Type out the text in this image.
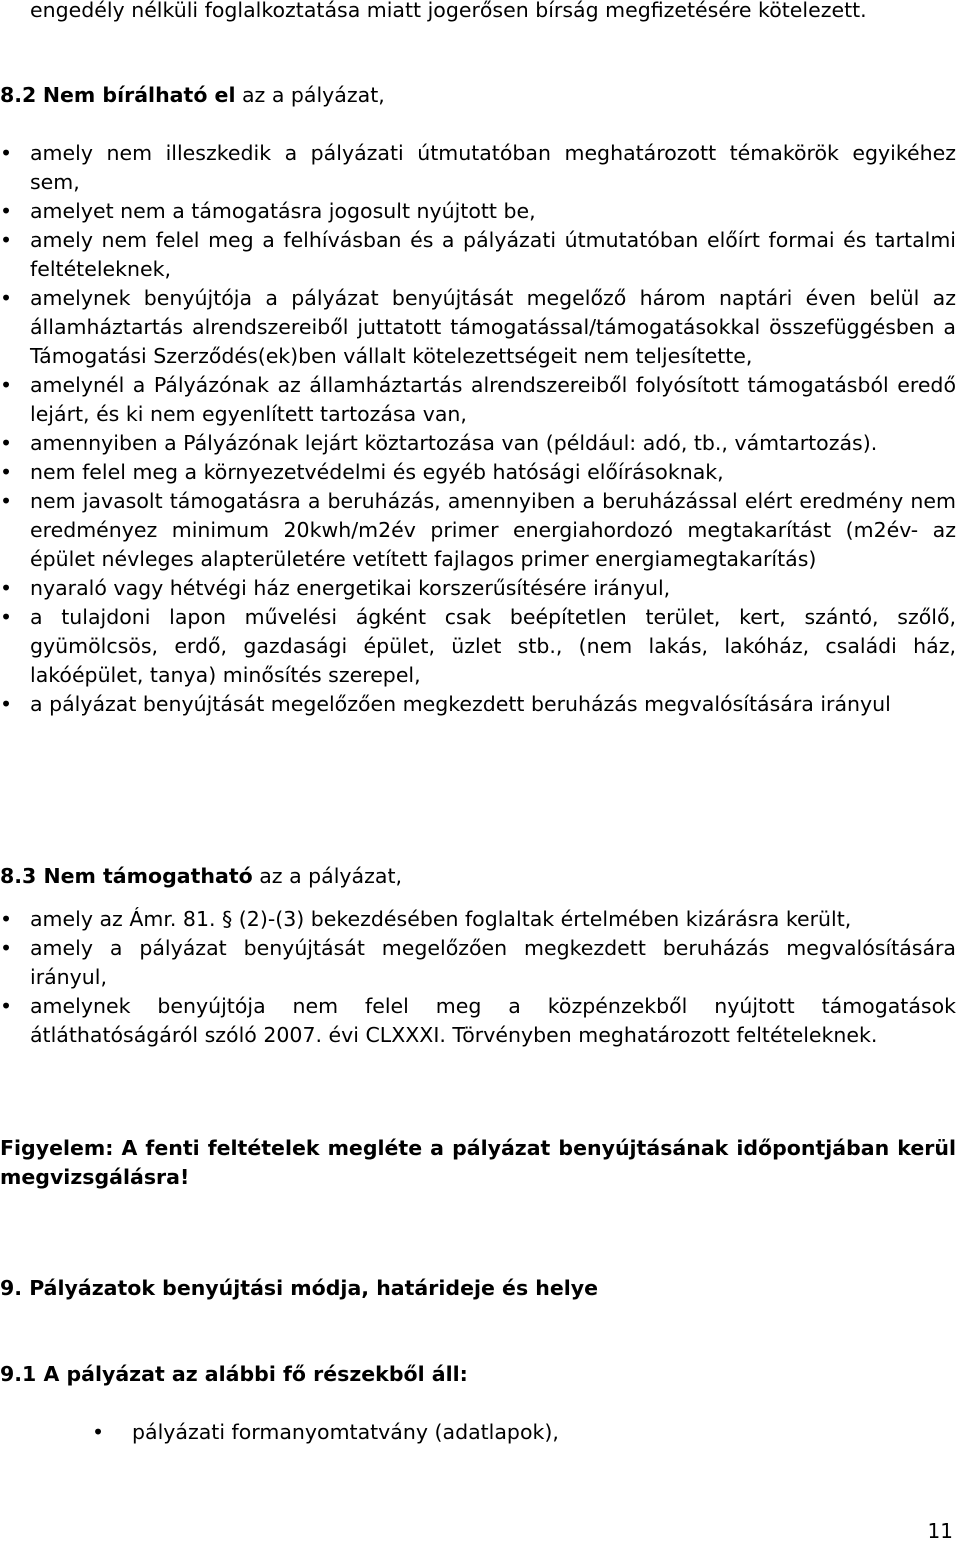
engedély nélküli foglalkoztatása miatt jogerősen bírság megfizetésére kötelezett.

8.2 Nem bírálható el az a pályázat,

• amely nem illeszkedik a pályázati útmutatóban meghatározott témakörök egyikéhez sem,
• amelyet nem a támogatásra jogosult nyújtott be,
• amely nem felel meg a felhívásban és a pályázati útmutatóban előírt formai és tartalmi feltételeknek,
• amelynek benyújtója a pályázat benyújtását megelőző három naptári éven belül az államháztartás alrendszereiből juttatott támogatással/támogatásokkal összefüggésben a Támogatási Szerződés(ek)ben vállalt kötelezettségeit nem teljesítette,
• amelynél a Pályázónak az államháztartás alrendszereiből folyósított támogatásból eredő lejárt, és ki nem egyenlített tartozása van,
• amennyiben a Pályázónak lejárt köztartozása van (például: adó, tb., vámtartozás).
• nem felel meg a környezetvédelmi és egyéb hatósági előírásoknak,
• nem javasolt támogatásra a beruházás, amennyiben a beruházással elért eredmény nem eredményez minimum 20kwh/m2év primer energiahordozó megtakarítást (m2év- az épület névleges alapterületére vetített fajlagos primer energiamegtakarítás)
• nyaraló vagy hétvégi ház energetikai korszerűsítésére irányul,
• a tulajdoni lapon művelési ágként csak beépítetlen terület, kert, szántó, szőlő, gyümölcsös, erdő, gazdasági épület, üzlet stb., (nem lakás, lakóház, családi ház, lakóépület, tanya) minősítés szerepel,
• a pályázat benyújtását megelőzően megkezdett beruházás megvalósítására irányul

8.3 Nem támogatható az a pályázat,

• amely az Ámr. 81. § (2)-(3) bekezdésében foglaltak értelmében kizárásra került,
• amely a pályázat benyújtását megelőzően megkezdett beruházás megvalósítására irányul,
• amelynek benyújtója nem felel meg a közpénzekből nyújtott támogatások átláthatóságáról szóló 2007. évi CLXXXI. Törvényben meghatározott feltételeknek.

Figyelem: A fenti feltételek megléte a pályázat benyújtásának időpontjában kerül megvizsgálásra!

9. Pályázatok benyújtási módja, határideje és helye

9.1 A pályázat az alábbi fő részekből áll:

• pályázati formanyomtatvány (adatlapok),
11
